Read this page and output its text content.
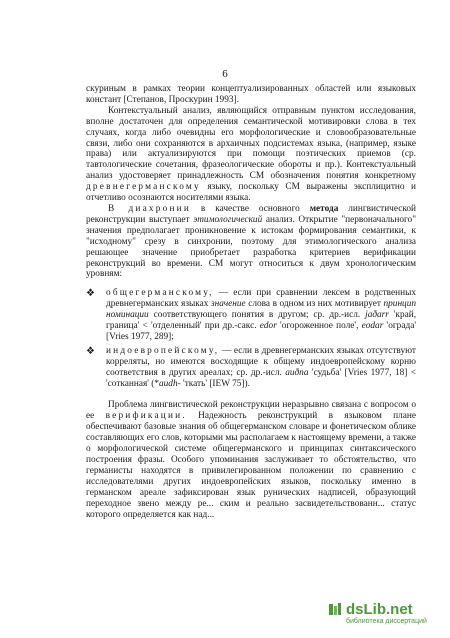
6

скуриным в рамках теории концептуализированных областей или языковых констант [Степанов, Проскурин 1993].

Контекстуальный анализ, являющийся отправным пунктом исследования, вполне достаточен для определения семантической мотивировки слова в тех случаях, когда либо очевидны его морфологические и словообразовательные связи, либо они сохраняются в архаичных подсистемах языка, (например, языке права) или актуализируются при помощи поэтических приемов (ср. тавтологические сочетания, фразеологические обороты и пр.). Контекстуальный анализ удостоверяет принадлежность СМ обозначения понятия конкретному древнегерманскому языку, поскольку СМ выражены эксплицитно и отчетливо осознаются носителями языка.

В диахронии в качестве основного метода лингвистической реконструкции выступает этимологический анализ. Открытие "первоначального" значения предполагает проникновение к истокам формирования семантики, к "исходному" срезу в синхронии, поэтому для этимологического анализа решающее значение приобретает разработка критериев верификации реконструкций во времени. СМ могут относиться к двум хронологическим уровням:

❖	общегерманскому, — если при сравнении лексем в родственных древнегерманских языках значение слова в одном из них мотивирует принцип номинации соответствующего понятия в другом; ср. др.-исл. jaðarr 'край, граница' < 'отделенный' при др.-сакс. edor 'огороженное поле', eodar 'ограда' [Vries 1977, 289];
❖	индоевропейскому, — если в древнегерманских языках отсутствуют корреляты, но имеются восходящие к общему индоевропейскому корню соответствия в других ареалах; ср. др.-исл. auðna 'судьба' [Vries 1977, 18] < 'сотканная' (*audh- 'ткать' [IEW 75]).

Проблема лингвистической реконструкции неразрывно связана с вопросом о ее верификации. Надежность реконструкций в языковом плане обеспечивают базовые знания об общегерманском словаре и фонетическом облике составляющих его слов, которыми мы располагаем к настоящему времени, а также о морфологической системе общегерманского и принципах синтаксического построения фразы. Особого упоминания заслуживает то обстоятельство, что германисты находятся в привилегированном положении по сравнению с исследователями других индоевропейских языков, поскольку именно в германском ареале зафиксирован язык рунических надписей, образующий переходное звено между ре... ским и реально засвидетельствованн... статус которого определяется как над...

dsLib.net
библиотека диссертаций
